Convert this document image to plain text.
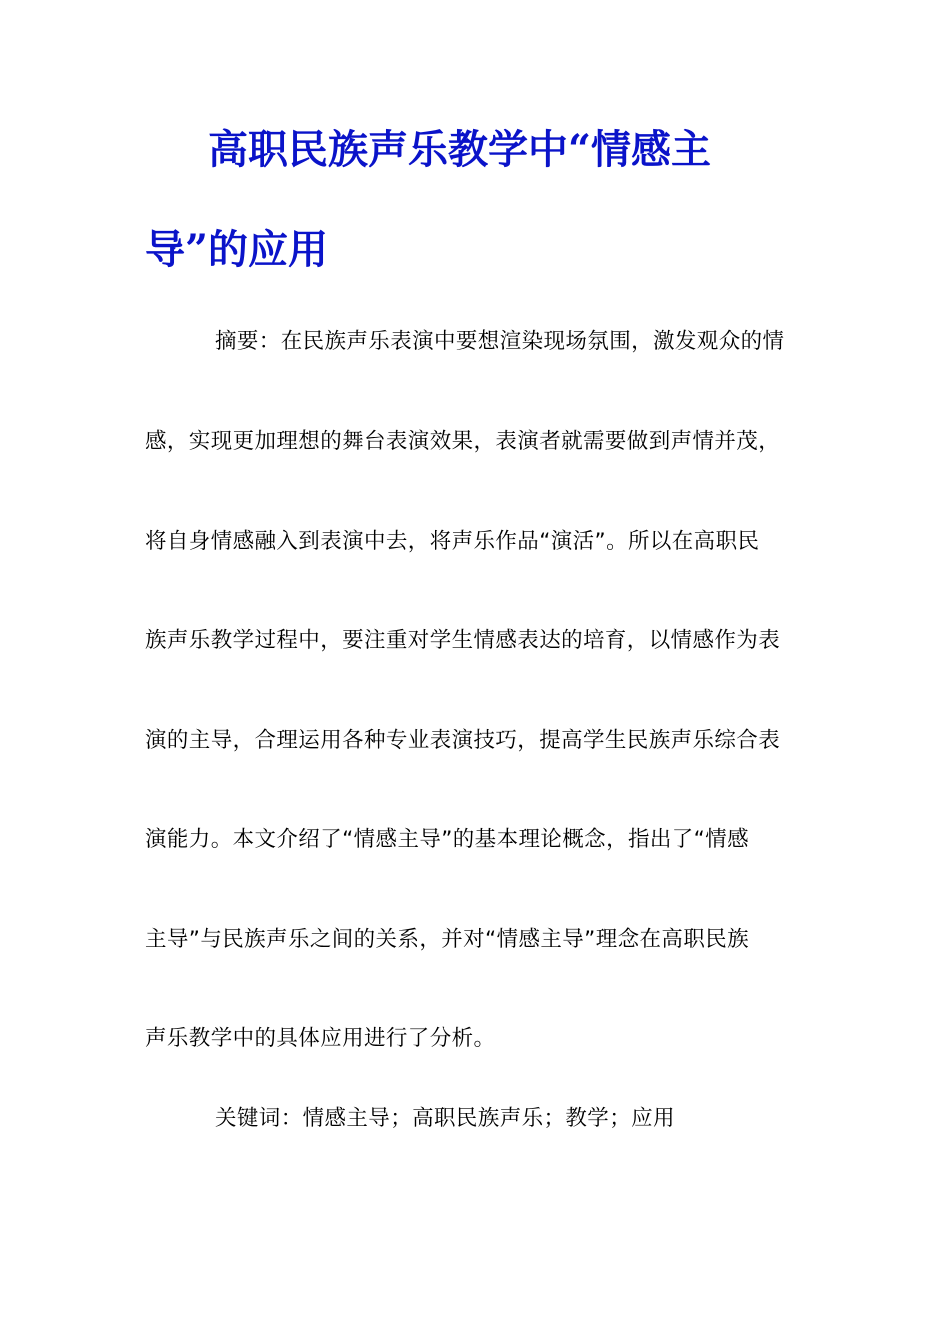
高职民族声乐教学中“情感主
导”的应用
摘要：在民族声乐表演中要想渲染现场氛围，激发观众的情
感，实现更加理想的舞台表演效果，表演者就需要做到声情并茂，
将自身情感融入到表演中去，将声乐作品“演活”。所以在高职民
族声乐教学过程中，要注重对学生情感表达的培育，以情感作为表
演的主导，合理运用各种专业表演技巧，提高学生民族声乐综合表
演能力。本文介绍了“情感主导”的基本理论概念，指出了“情感
主导”与民族声乐之间的关系，并对“情感主导”理念在高职民族
声乐教学中的具体应用进行了分析。
关键词：情感主导；高职民族声乐；教学；应用
